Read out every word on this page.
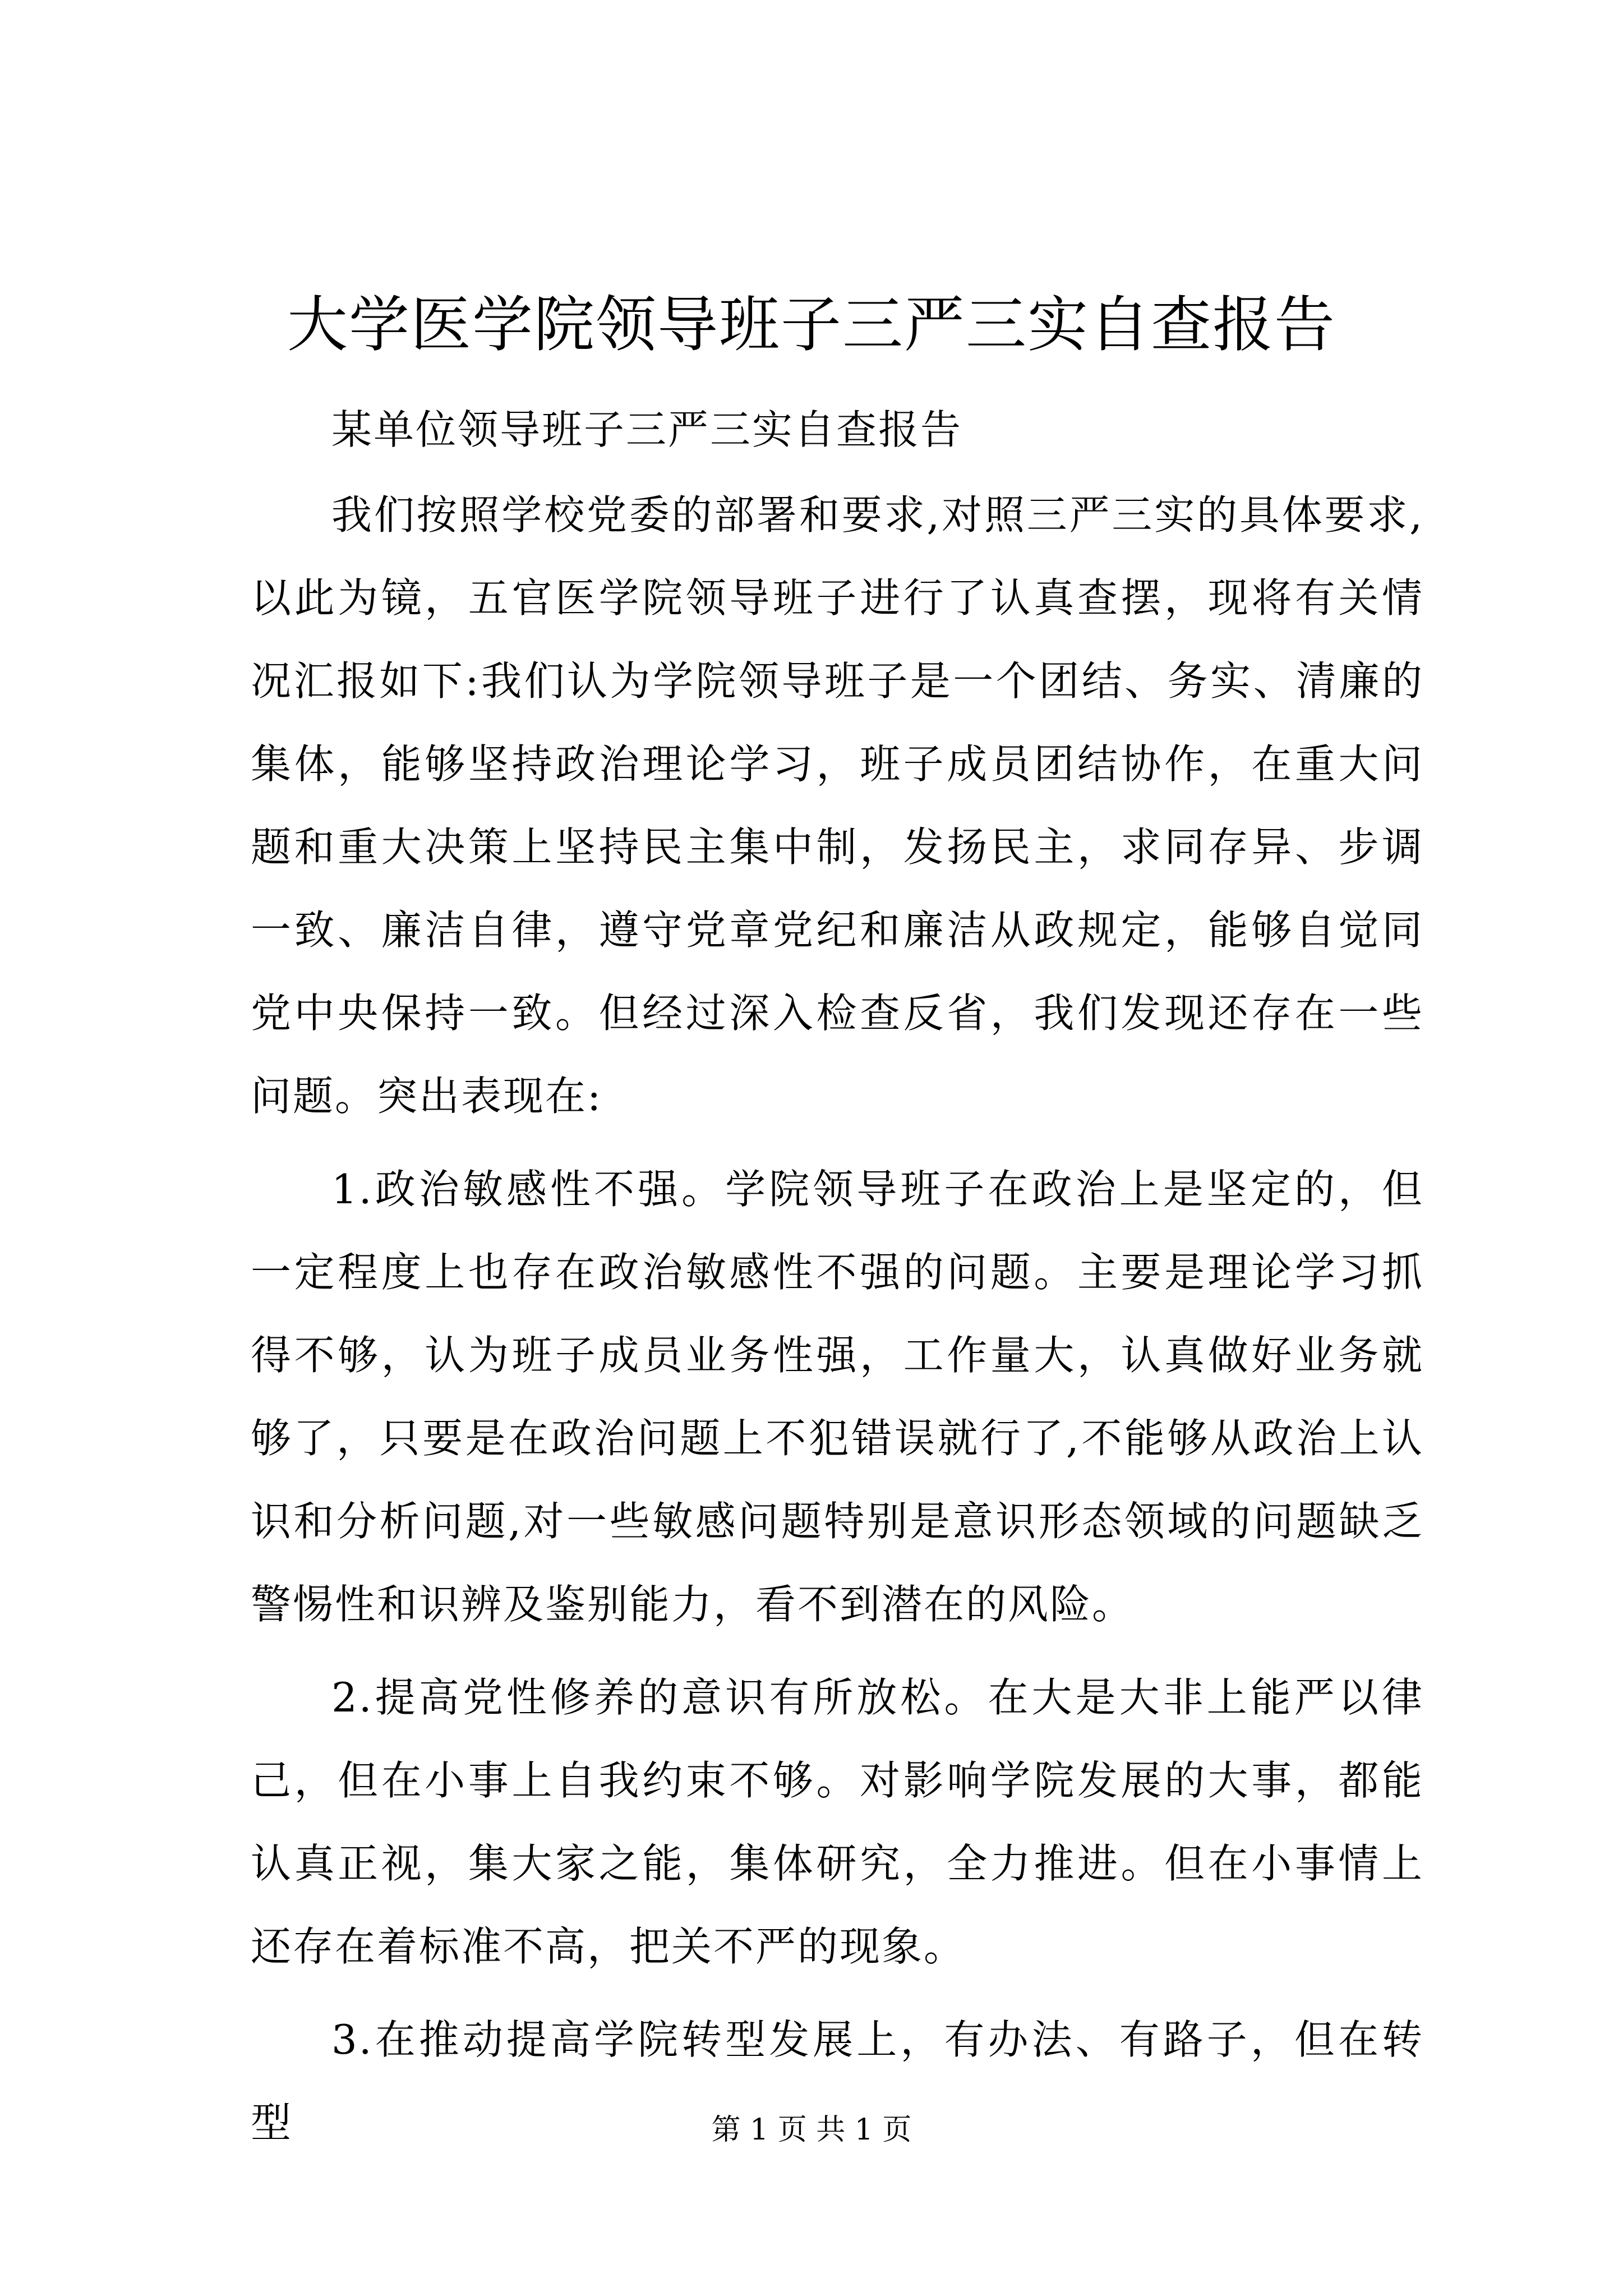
大学医学院领导班子三严三实自查报告

某单位领导班子三严三实自查报告

我们按照学校党委的部署和要求,对照三严三实的具体要求,以此为镜，五官医学院领导班子进行了认真查摆，现将有关情况汇报如下:我们认为学院领导班子是一个团结、务实、清廉的集体，能够坚持政治理论学习，班子成员团结协作，在重大问题和重大决策上坚持民主集中制，发扬民主，求同存异、步调一致、廉洁自律，遵守党章党纪和廉洁从政规定，能够自觉同党中央保持一致。但经过深入检查反省，我们发现还存在一些问题。突出表现在:

1.政治敏感性不强。学院领导班子在政治上是坚定的，但一定程度上也存在政治敏感性不强的问题。主要是理论学习抓得不够，认为班子成员业务性强，工作量大，认真做好业务就够了，只要是在政治问题上不犯错误就行了,不能够从政治上认识和分析问题,对一些敏感问题特别是意识形态领域的问题缺乏警惕性和识辨及鉴别能力，看不到潜在的风险。

2.提高党性修养的意识有所放松。在大是大非上能严以律己，但在小事上自我约束不够。对影响学院发展的大事，都能认真正视，集大家之能，集体研究，全力推进。但在小事情上还存在着标准不高，把关不严的现象。

3.在推动提高学院转型发展上，有办法、有路子，但在转型	第 1 页 共 1 页
